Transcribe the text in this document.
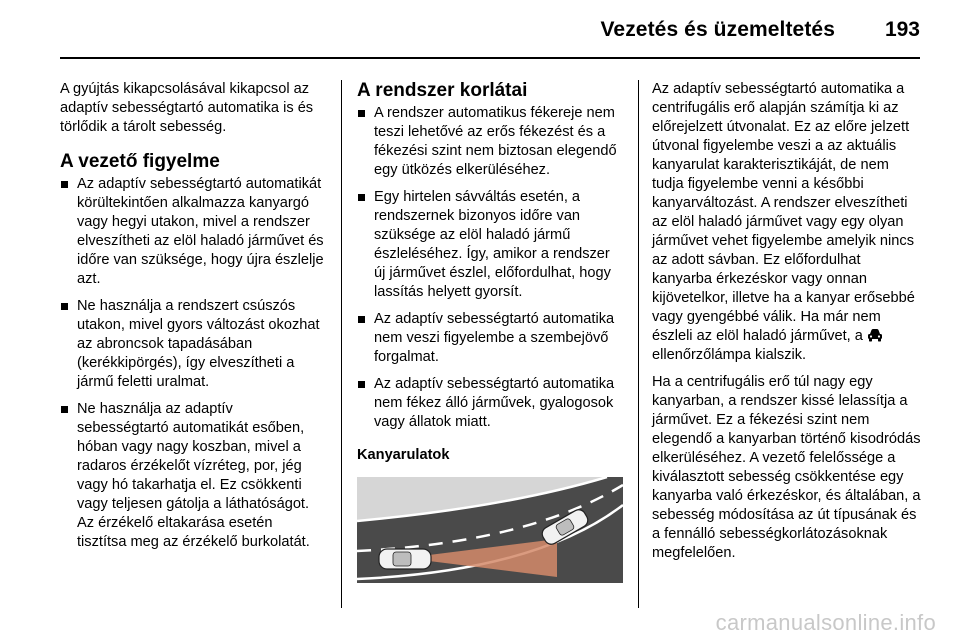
Vezetés és üzemeltetés 193

A gyújtás kikapcsolásával kikapcsol az adaptív sebességtartó automatika is és törlődik a tárolt sebesség.

A vezető figyelme
Az adaptív sebességtartó automatikát körültekintően alkalmazza kanyargó vagy hegyi utakon, mivel a rendszer elveszítheti az elöl haladó járművet és időre van szüksége, hogy újra észlelje azt.
Ne használja a rendszert csúszós utakon, mivel gyors változást okozhat az abroncsok tapadásában (kerékkipörgés), így elveszítheti a jármű feletti uralmat.
Ne használja az adaptív sebességtartó automatikát esőben, hóban vagy nagy koszban, mivel a radaros érzékelőt vízréteg, por, jég vagy hó takarhatja el. Ez csökkenti vagy teljesen gátolja a láthatóságot. Az érzékelő eltakarása esetén tisztítsa meg az érzékelő burkolatát.
A rendszer korlátai
A rendszer automatikus fékereje nem teszi lehetővé az erős fékezést és a fékezési szint nem biztosan elegendő egy ütközés elkerüléséhez.
Egy hirtelen sávváltás esetén, a rendszernek bizonyos időre van szüksége az elöl haladó jármű észleléséhez. Így, amikor a rendszer új járművet észlel, előfordulhat, hogy lassítás helyett gyorsít.
Az adaptív sebességtartó automatika nem veszi figyelembe a szembejövő forgalmat.
Az adaptív sebességtartó automatika nem fékez álló járművek, gyalogosok vagy állatok miatt.
Kanyarulatok

Az adaptív sebességtartó automatika a centrifugális erő alapján számítja ki az előrejelzett útvonalat. Ez az előre jelzett útvonal figyelembe veszi a az aktuális kanyarulat karakterisztikáját, de nem tudja figyelembe venni a későbbi kanyarváltozást. A rendszer elveszítheti az elöl haladó járművet vagy egy olyan járművet vehet figyelembe amelyik nincs az adott sávban. Ez előfordulhat kanyarba érkezéskor vagy onnan kijövetelkor, illetve ha a kanyar erősebbé vagy gyengébbé válik. Ha már nem észleli az elöl haladó járművet, a  ellenőrzőlámpa kialszik.

Ha a centrifugális erő túl nagy egy kanyarban, a rendszer kissé lelassítja a járművet. Ez a fékezési szint nem elegendő a kanyarban történő kisodródás elkerüléséhez. A vezető felelőssége a kiválasztott sebesség csökkentése egy kanyarba való érkezéskor, és általában, a sebesség módosítása az út típusának és a fennálló sebességkorlátozásoknak megfelelően.

carmanualsonline.info
